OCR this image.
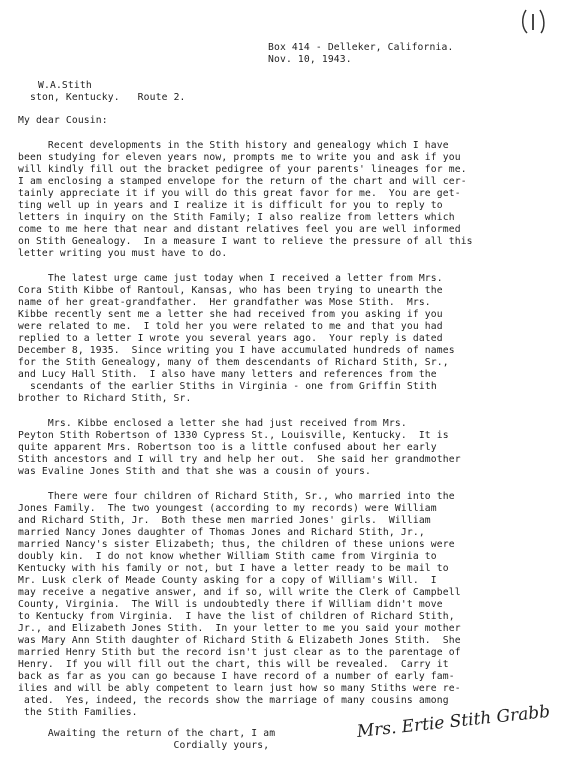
Box 414 - Delleker, California.
Nov. 10, 1943.
W.A.Stith
ston, Kentucky.   Route 2.
My dear Cousin:
Recent developments in the Stith history and genealogy which I have
been studying for eleven years now, prompts me to write you and ask if you
will kindly fill out the bracket pedigree of your parents' lineages for me.
I am enclosing a stamped envelope for the return of the chart and will cer-
tainly appreciate it if you will do this great favor for me.  You are get-
ting well up in years and I realize it is difficult for you to reply to
letters in inquiry on the Stith Family; I also realize from letters which
come to me here that near and distant relatives feel you are well informed
on Stith Genealogy.  In a measure I want to relieve the pressure of all this
letter writing you must have to do.
The latest urge came just today when I received a letter from Mrs.
Cora Stith Kibbe of Rantoul, Kansas, who has been trying to unearth the
name of her great-grandfather.  Her grandfather was Mose Stith.  Mrs.
Kibbe recently sent me a letter she had received from you asking if you
were related to me.  I told her you were related to me and that you had
replied to a letter I wrote you several years ago.  Your reply is dated
December 8, 1935.  Since writing you I have accumulated hundreds of names
for the Stith Genealogy, many of them descendants of Richard Stith, Sr.,
and Lucy Hall Stith.  I also have many letters and references from the
scendants of the earlier Stiths in Virginia - one from Griffin Stith
brother to Richard Stith, Sr.
Mrs. Kibbe enclosed a letter she had just received from Mrs.
Peyton Stith Robertson of 1330 Cypress St., Louisville, Kentucky.  It is
quite apparent Mrs. Robertson too is a little confused about her early
Stith ancestors and I will try and help her out.  She said her grandmother
was Evaline Jones Stith and that she was a cousin of yours.
There were four children of Richard Stith, Sr., who married into the
Jones Family.  The two youngest (according to my records) were William
and Richard Stith, Jr.  Both these men married Jones' girls.  William
married Nancy Jones daughter of Thomas Jones and Richard Stith, Jr.,
married Nancy's sister Elizabeth; thus, the children of these unions were
doubly kin.  I do not know whether William Stith came from Virginia to
Kentucky with his family or not, but I have a letter ready to be mail to
Mr. Lusk clerk of Meade County asking for a copy of William's Will.  I
may receive a negative answer, and if so, will write the Clerk of Campbell
County, Virginia.  The Will is undoubtedly there if William didn't move
to Kentucky from Virginia.  I have the list of children of Richard Stith,
Jr., and Elizabeth Jones Stith.  In your letter to me you said your mother
was Mary Ann Stith daughter of Richard Stith & Elizabeth Jones Stith.  She
married Henry Stith but the record isn't just clear as to the parentage of
Henry.  If you will fill out the chart, this will be revealed.  Carry it
back as far as you can go because I have record of a number of early fam-
ilies and will be ably competent to learn just how so many Stiths were re-
ated.  Yes, indeed, the records show the marriage of many cousins among
the Stith Families.
Awaiting the return of the chart, I am
Cordially yours,
Mrs. Ertie Stith Grabb
